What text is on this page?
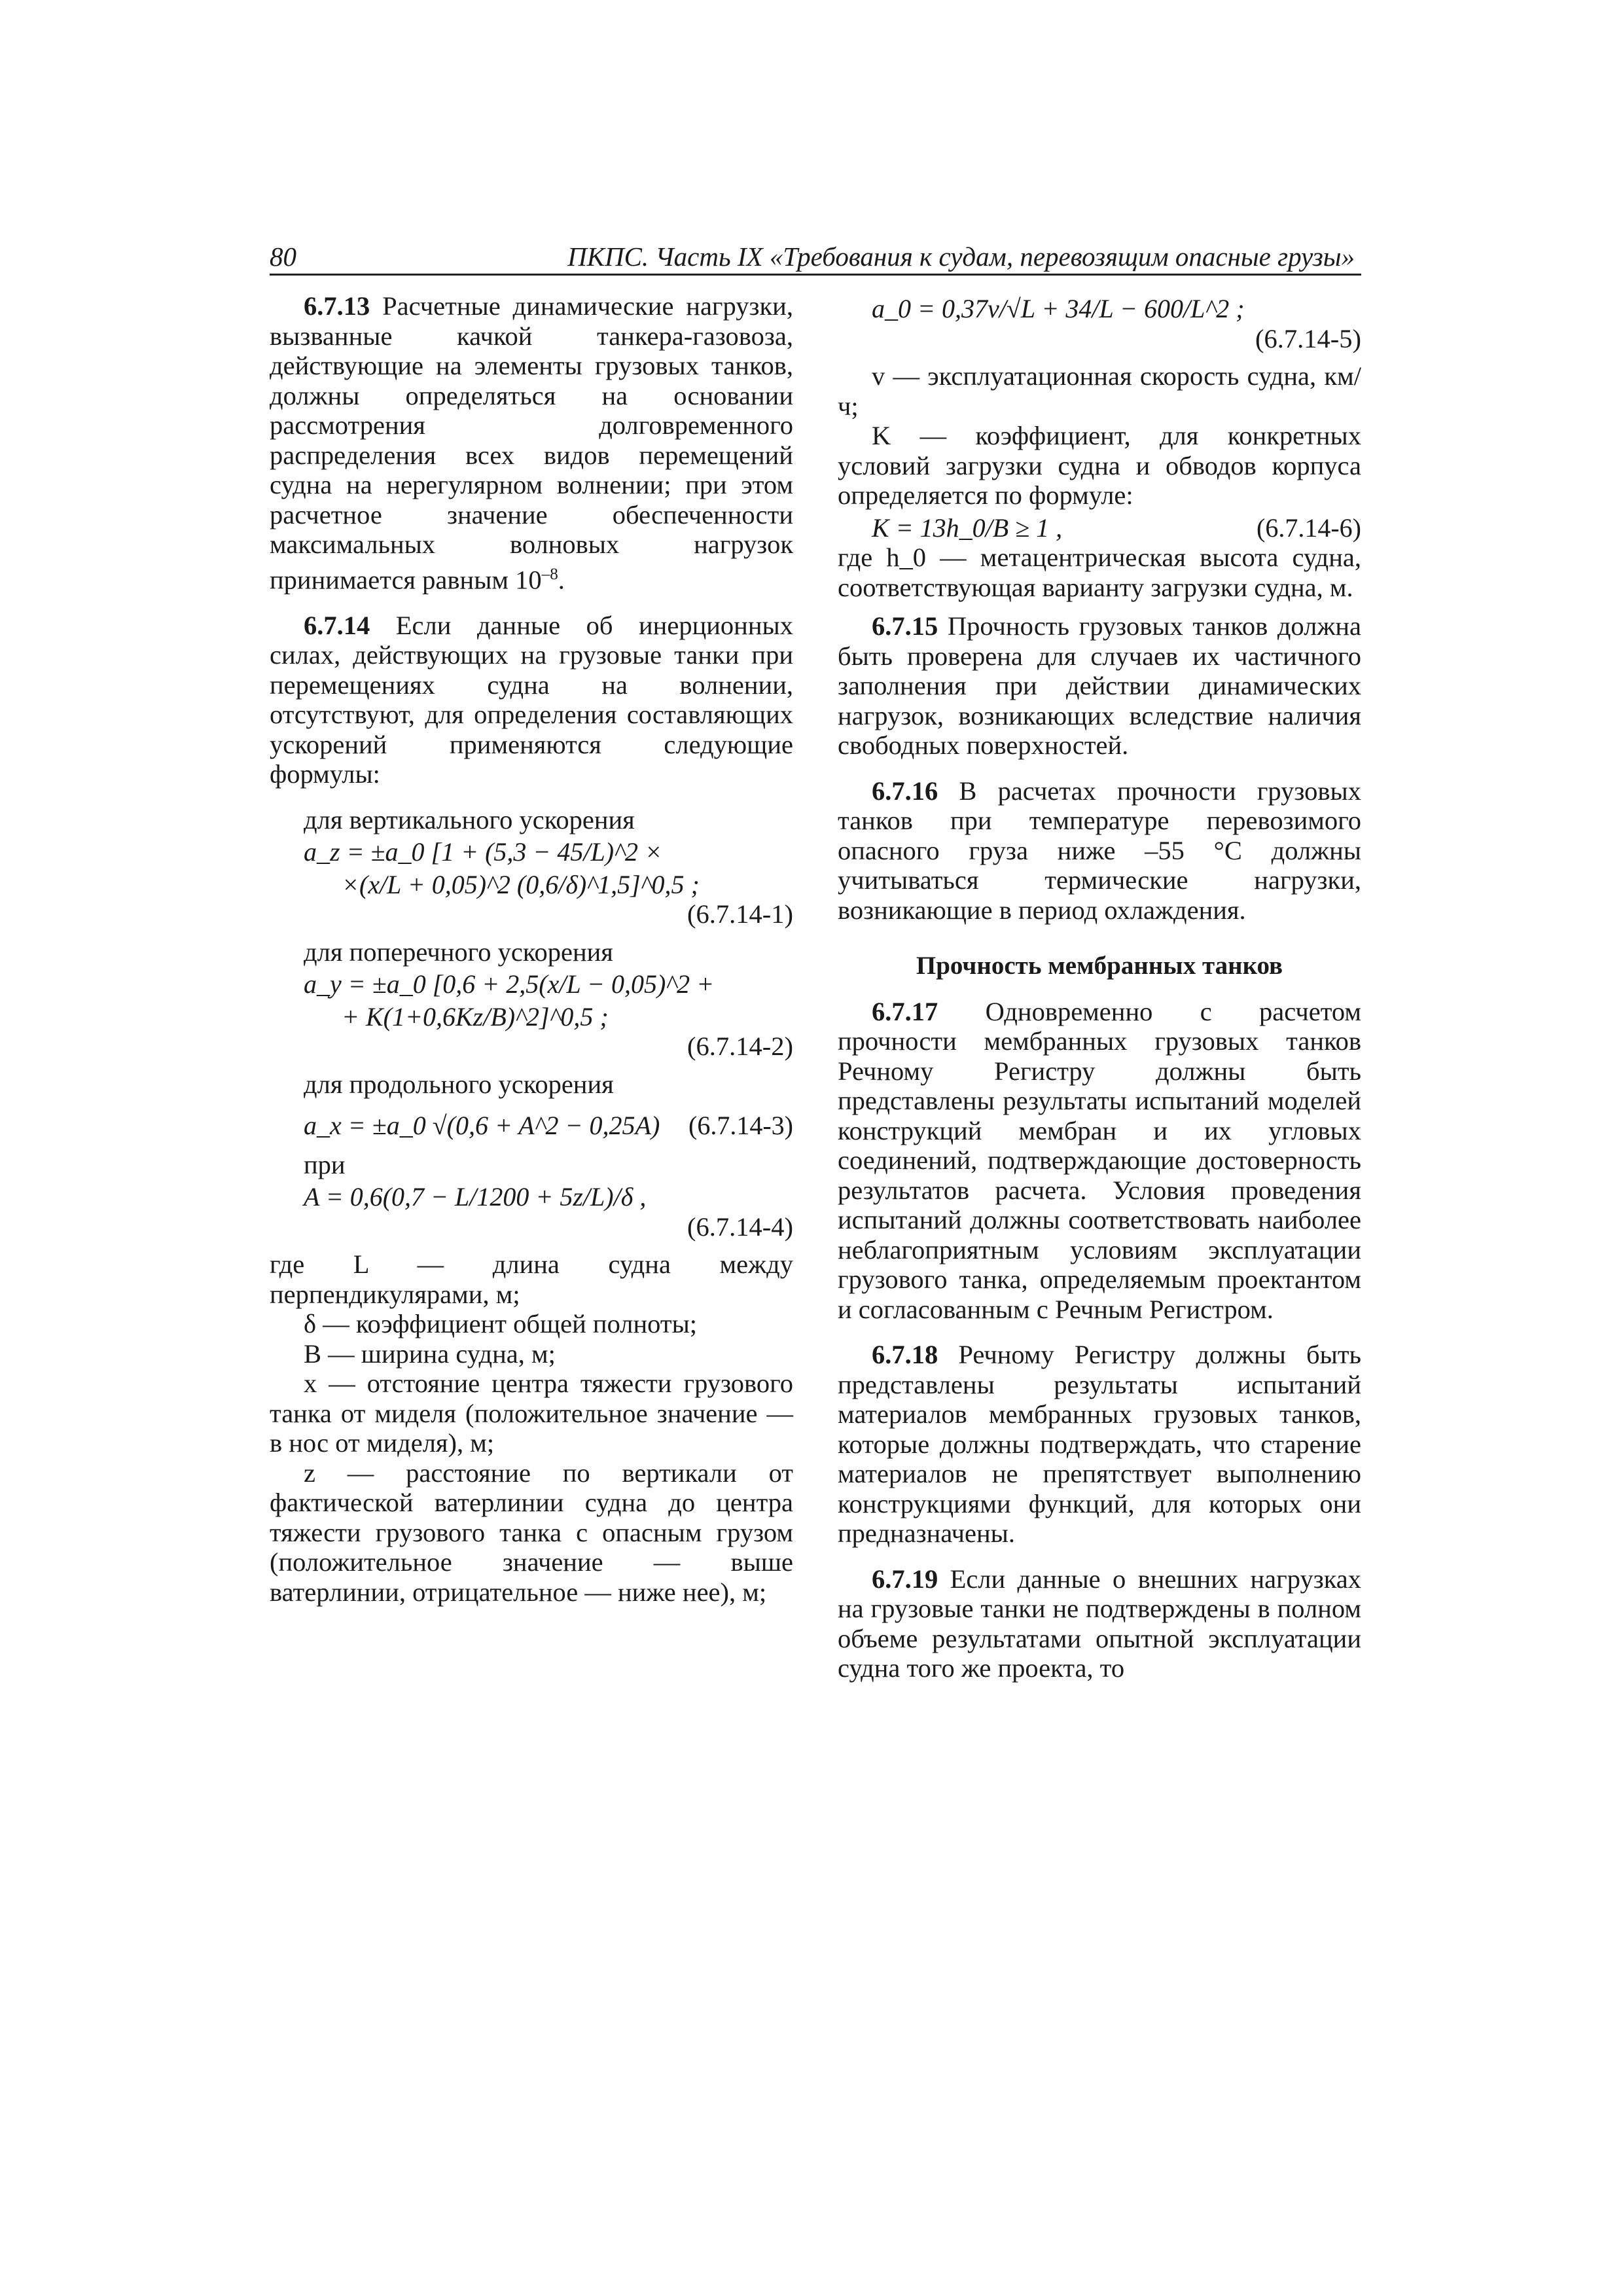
80	ПКПС. Часть IX «Требования к судам, перевозящим опасные грузы»

6.7.13 Расчетные динамические нагрузки, вызванные качкой танкера-газовоза, действующие на элементы грузовых танков, должны определяться на основании рассмотрения долговременного распределения всех видов перемещений судна на нерегулярном волнении; при этом расчетное значение обеспеченности максимальных волновых нагрузок принимается равным $10^{-8}$.

6.7.14 Если данные об инерционных силах, действующих на грузовые танки при перемещениях судна на волнении, отсутствуют, для определения составляющих ускорений применяются следующие формулы:

для вертикального ускорения

a_z = ±a_0 [1 + (5,3 − 45/L)^2 ×
×(x/L + 0,05)^2 (0,6/δ)^1,5]^0,5 ;
(6.7.14-1)

для поперечного ускорения

a_y = ±a_0 [0,6 + 2,5(x/L − 0,05)^2 +
+ K(1+0,6Kz/B)^2]^0,5 ;
(6.7.14-2)

для продольного ускорения

a_x = ±a_0 √(0,6 + A^2 − 0,25A) (6.7.14-3)

при

A = 0,6(0,7 − L/1200 + 5z/L)/δ ,
(6.7.14-4)

где L — длина судна между перпендикулярами, м;

δ — коэффициент общей полноты;

B — ширина судна, м;

x — отстояние центра тяжести грузового танка от миделя (положительное значение — в нос от миделя), м;

z — расстояние по вертикали от фактической ватерлинии судна до центра тяжести грузового танка с опасным грузом (положительное значение — выше ватерлинии, отрицательное — ниже нее), м;

a_0 = 0,37v/√L + 34/L − 600/L^2 ;
(6.7.14-5)

v — эксплуатационная скорость судна, км/ч;

K — коэффициент, для конкретных условий загрузки судна и обводов корпуса определяется по формуле:

K = 13h_0/B ≥ 1 ,	(6.7.14-6)

где h_0 — метацентрическая высота судна, соответствующая варианту загрузки судна, м.

6.7.15 Прочность грузовых танков должна быть проверена для случаев их частичного заполнения при действии динамических нагрузок, возникающих вследствие наличия свободных поверхностей.

6.7.16 В расчетах прочности грузовых танков при температуре перевозимого опасного груза ниже –55 °С должны учитываться термические нагрузки, возникающие в период охлаждения.

Прочность мембранных танков

6.7.17 Одновременно с расчетом прочности мембранных грузовых танков Речному Регистру должны быть представлены результаты испытаний моделей конструкций мембран и их угловых соединений, подтверждающие достоверность результатов расчета. Условия проведения испытаний должны соответствовать наиболее неблагоприятным условиям эксплуатации грузового танка, определяемым проектантом и согласованным с Речным Регистром.

6.7.18 Речному Регистру должны быть представлены результаты испытаний материалов мембранных грузовых танков, которые должны подтверждать, что старение материалов не препятствует выполнению конструкциями функций, для которых они предназначены.

6.7.19 Если данные о внешних нагрузках на грузовые танки не подтверждены в полном объеме результатами опытной эксплуатации судна того же проекта, то
